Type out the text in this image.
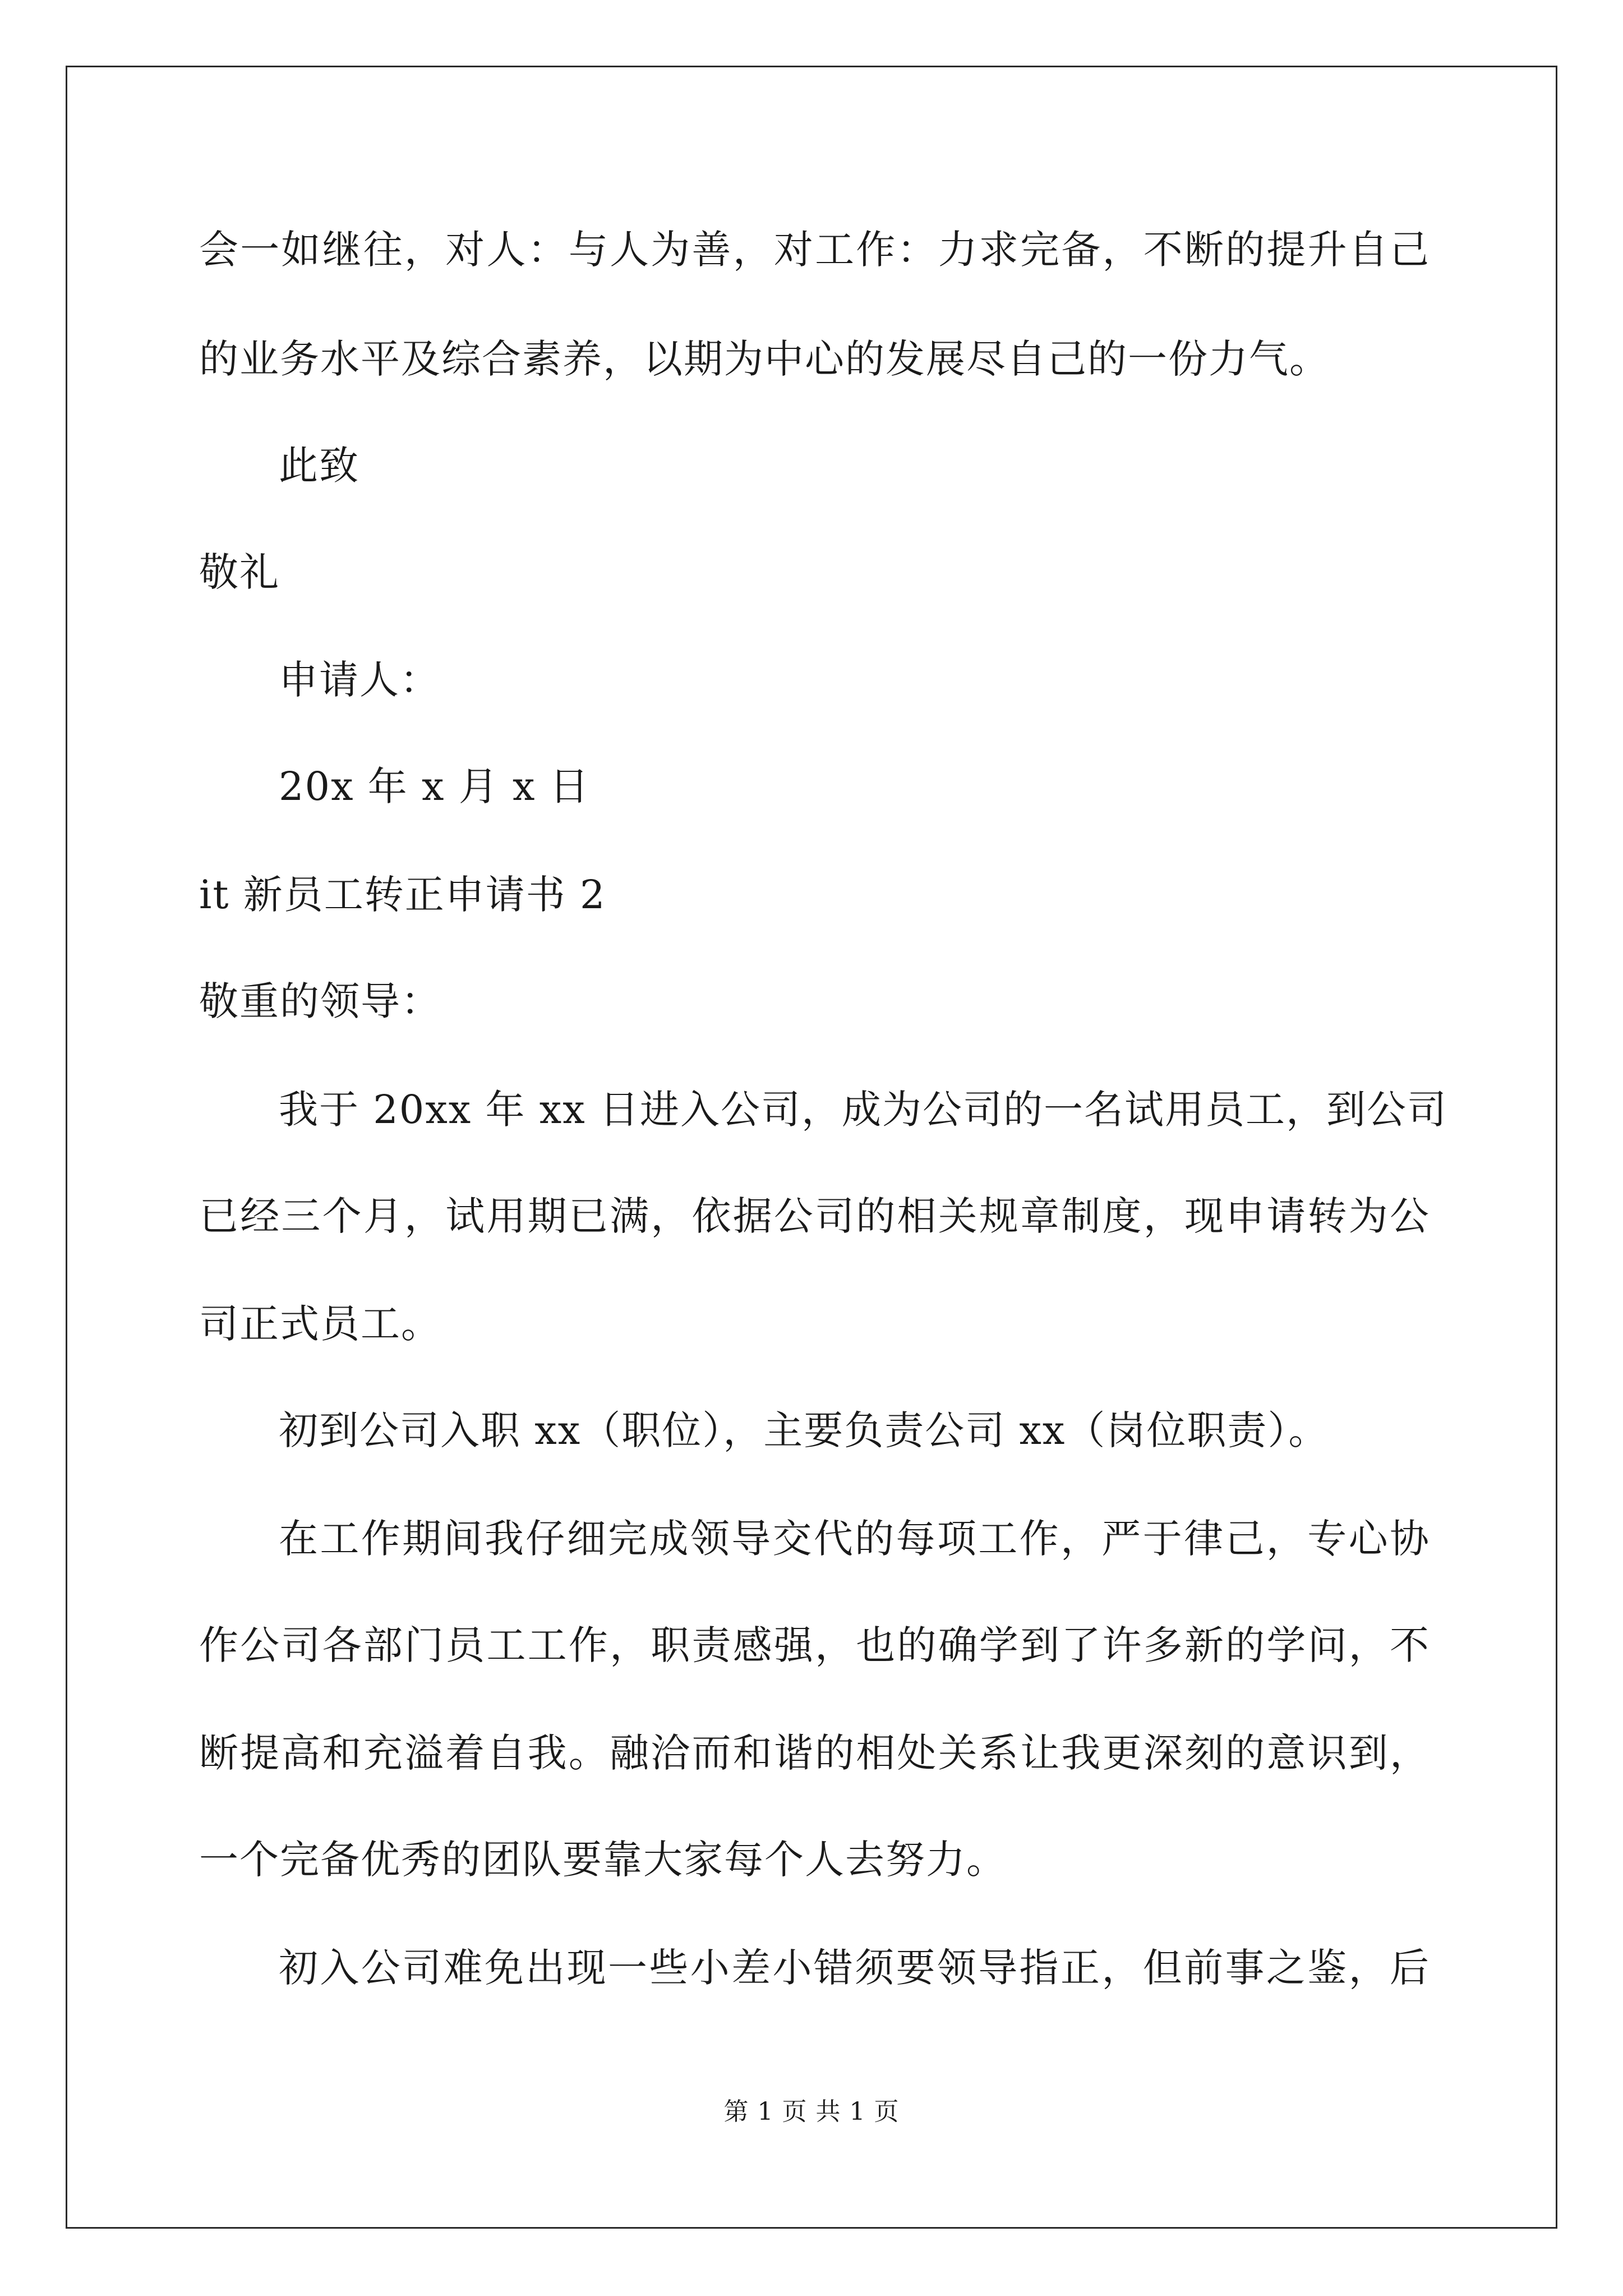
会一如继往，对人：与人为善，对工作：力求完备，不断的提升自己
的业务水平及综合素养，以期为中心的发展尽自己的一份力气。
此致
敬礼
申请人：
20x 年 x 月 x 日
it 新员工转正申请书 2
敬重的领导：
我于 20xx 年 xx 日进入公司，成为公司的一名试用员工，到公司
已经三个月，试用期已满，依据公司的相关规章制度，现申请转为公
司正式员工。
初到公司入职 xx（职位），主要负责公司 xx（岗位职责）。
在工作期间我仔细完成领导交代的每项工作，严于律己，专心协
作公司各部门员工工作，职责感强，也的确学到了许多新的学问，不
断提高和充溢着自我。融洽而和谐的相处关系让我更深刻的意识到，
一个完备优秀的团队要靠大家每个人去努力。
初入公司难免出现一些小差小错须要领导指正，但前事之鉴，后
第 1 页 共 1 页
